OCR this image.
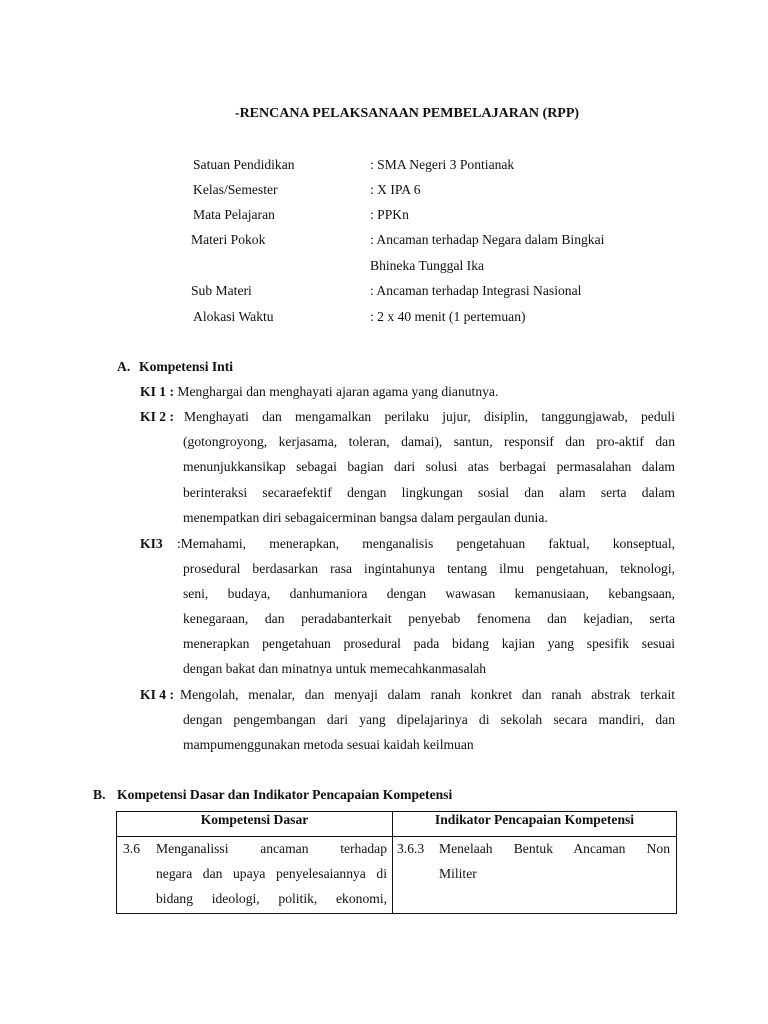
-RENCANA PELAKSANAAN PEMBELAJARAN (RPP)
Satuan Pendidikan	: SMA Negeri 3 Pontianak
Kelas/Semester	: X IPA 6
Mata Pelajaran	: PPKn
Materi Pokok	: Ancaman terhadap Negara dalam Bingkai
Bhineka Tunggal Ika
Sub Materi	: Ancaman terhadap Integrasi Nasional
Alokasi Waktu	: 2 x 40 menit (1 pertemuan)
A. Kompetensi Inti
KI 1 : Menghargai dan menghayati ajaran agama yang dianutnya.
KI 2 : Menghayati dan mengamalkan perilaku jujur, disiplin, tanggungjawab, peduli
(gotongroyong, kerjasama, toleran, damai), santun, responsif dan pro-aktif dan
menunjukkansikap sebagai bagian dari solusi atas berbagai permasalahan dalam
berinteraksi secaraefektif dengan lingkungan sosial dan alam serta dalam
menempatkan diri sebagaicerminan bangsa dalam pergaulan dunia.
KI3 :Memahami, menerapkan, menganalisis pengetahuan faktual, konseptual,
prosedural berdasarkan rasa ingintahunya tentang ilmu pengetahuan, teknologi,
seni, budaya, danhumaniora dengan wawasan kemanusiaan, kebangsaan,
kenegaraan, dan peradabanterkait penyebab fenomena dan kejadian, serta
menerapkan pengetahuan prosedural pada bidang kajian yang spesifik sesuai
dengan bakat dan minatnya untuk memecahkanmasalah
KI 4 : Mengolah, menalar, dan menyaji dalam ranah konkret dan ranah abstrak terkait
dengan pengembangan dari yang dipelajarinya di sekolah secara mandiri, dan
mampumenggunakan metoda sesuai kaidah keilmuan
B. Kompetensi Dasar dan Indikator Pencapaian Kompetensi
Kompetensi Dasar	Indikator Pencapaian Kompetensi

3.6 Menganalissi ancaman terhadap
negara dan upaya penyelesaiannya di
bidang ideologi, politik, ekonomi,	3.6.3 Menelaah Bentuk Ancaman Non
Militer
